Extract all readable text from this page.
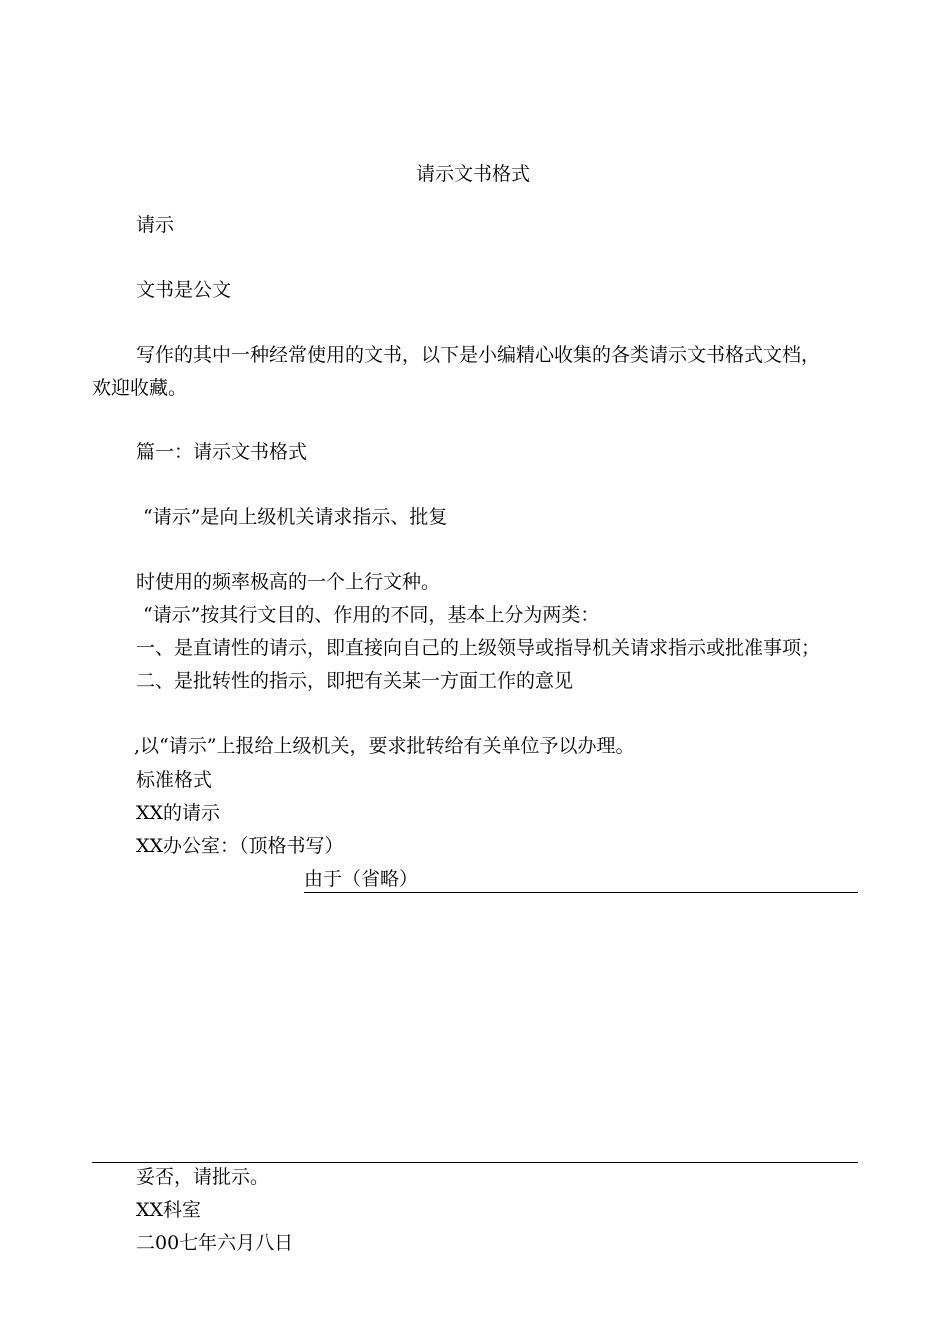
请示文书格式
请示
文书是公文
写作的其中一种经常使用的文书，以下是小编精心收集的各类请示文书格式文档，
欢迎收藏。
篇一：请示文书格式
“请示”是向上级机关请求指示、批复
时使用的频率极高的一个上行文种。
“请示”按其行文目的、作用的不同，基本上分为两类：
一、是直请性的请示，即直接向自己的上级领导或指导机关请求指示或批准事项；
二、是批转性的指示，即把有关某一方面工作的意见
,以“请示”上报给上级机关，要求批转给有关单位予以办理。
标准格式
XX的请示
XX办公室：（顶格书写）
由于（省略）
妥否，请批示。
XX科室
二00七年六月八日
